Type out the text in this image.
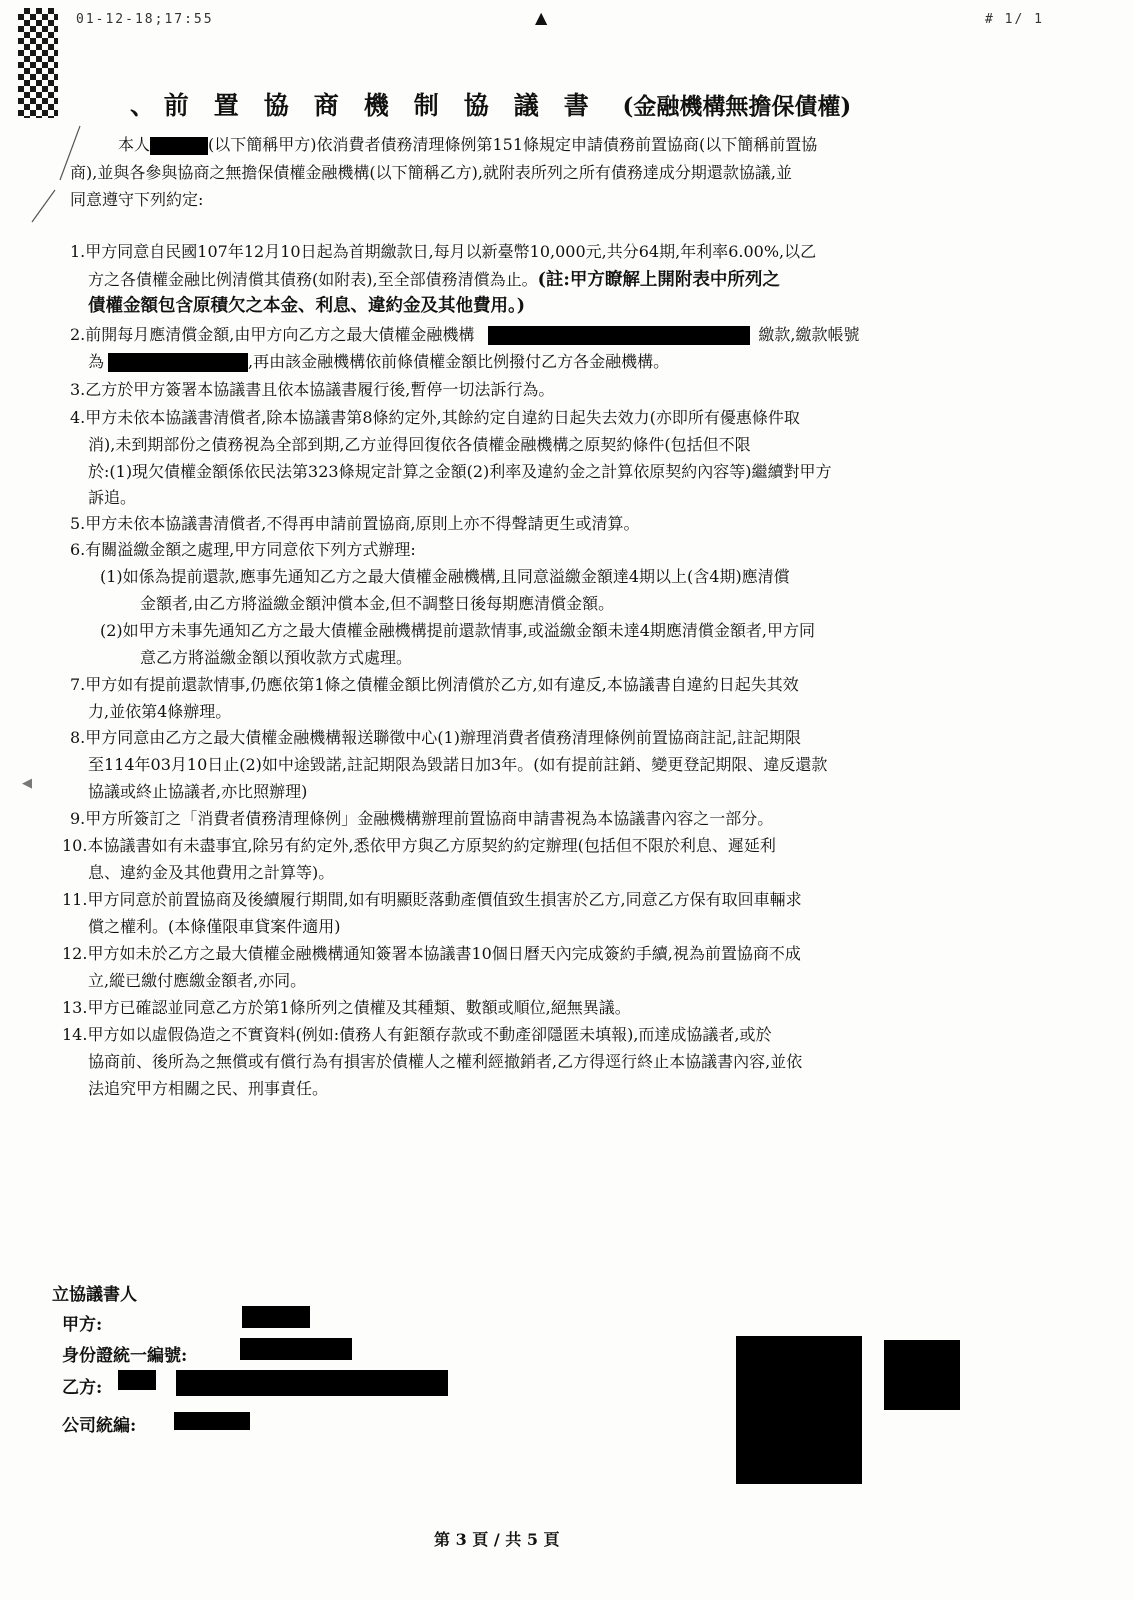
01-12-18;17:55	▲	# 1/ 1
◀
、 前置協商機制協議書 (金融機構無擔保債權)
本人	(以下簡稱甲方)依消費者債務清理條例第151條規定申請債務前置協商(以下簡稱前置協
商),並與各參與協商之無擔保債權金融機構(以下簡稱乙方),就附表所列之所有債務達成分期還款協議,並
同意遵守下列約定:
1.甲方同意自民國107年12月10日起為首期繳款日,每月以新臺幣10,000元,共分64期,年利率6.00%,以乙
方之各債權金融比例清償其債務(如附表),至全部債務清償為止。(註:甲方瞭解上開附表中所列之
債權金額包含原積欠之本金、利息、違約金及其他費用。)
2.前開每月應清償金額,由甲方向乙方之最大債權金融機構	繳款,繳款帳號
為	,再由該金融機構依前條債權金額比例撥付乙方各金融機構。
3.乙方於甲方簽署本協議書且依本協議書履行後,暫停一切法訴行為。
4.甲方未依本協議書清償者,除本協議書第8條約定外,其餘約定自違約日起失去效力(亦即所有優惠條件取
消),未到期部份之債務視為全部到期,乙方並得回復依各債權金融機構之原契約條件(包括但不限
於:(1)現欠債權金額係依民法第323條規定計算之金額(2)利率及違約金之計算依原契約內容等)繼續對甲方
訴追。
5.甲方未依本協議書清償者,不得再申請前置協商,原則上亦不得聲請更生或清算。
6.有關溢繳金額之處理,甲方同意依下列方式辦理:
(1)如係為提前還款,應事先通知乙方之最大債權金融機構,且同意溢繳金額達4期以上(含4期)應清償
金額者,由乙方將溢繳金額沖償本金,但不調整日後每期應清償金額。
(2)如甲方未事先通知乙方之最大債權金融機構提前還款情事,或溢繳金額未達4期應清償金額者,甲方同
意乙方將溢繳金額以預收款方式處理。
7.甲方如有提前還款情事,仍應依第1條之債權金額比例清償於乙方,如有違反,本協議書自違約日起失其效
力,並依第4條辦理。
8.甲方同意由乙方之最大債權金融機構報送聯徵中心(1)辦理消費者債務清理條例前置協商註記,註記期限
至114年03月10日止(2)如中途毀諾,註記期限為毀諾日加3年。(如有提前註銷、變更登記期限、違反還款
協議或終止協議者,亦比照辦理)
9.甲方所簽訂之「消費者債務清理條例」金融機構辦理前置協商申請書視為本協議書內容之一部分。
10.本協議書如有未盡事宜,除另有約定外,悉依甲方與乙方原契約約定辦理(包括但不限於利息、遲延利
息、違約金及其他費用之計算等)。
11.甲方同意於前置協商及後續履行期間,如有明顯貶落動產價值致生損害於乙方,同意乙方保有取回車輛求
償之權利。(本條僅限車貸案件適用)
12.甲方如未於乙方之最大債權金融機構通知簽署本協議書10個日曆天內完成簽約手續,視為前置協商不成
立,縱已繳付應繳金額者,亦同。
13.甲方已確認並同意乙方於第1條所列之債權及其種類、數額或順位,絕無異議。
14.甲方如以虛假偽造之不實資料(例如:債務人有鉅額存款或不動產卻隱匿未填報),而達成協議者,或於
協商前、後所為之無償或有償行為有損害於債權人之權利經撤銷者,乙方得逕行終止本協議書內容,並依
法追究甲方相關之民、刑事責任。
立協議書人
甲方:
身份證統一編號:
乙方:
公司統編:
第 3 頁 / 共 5 頁
